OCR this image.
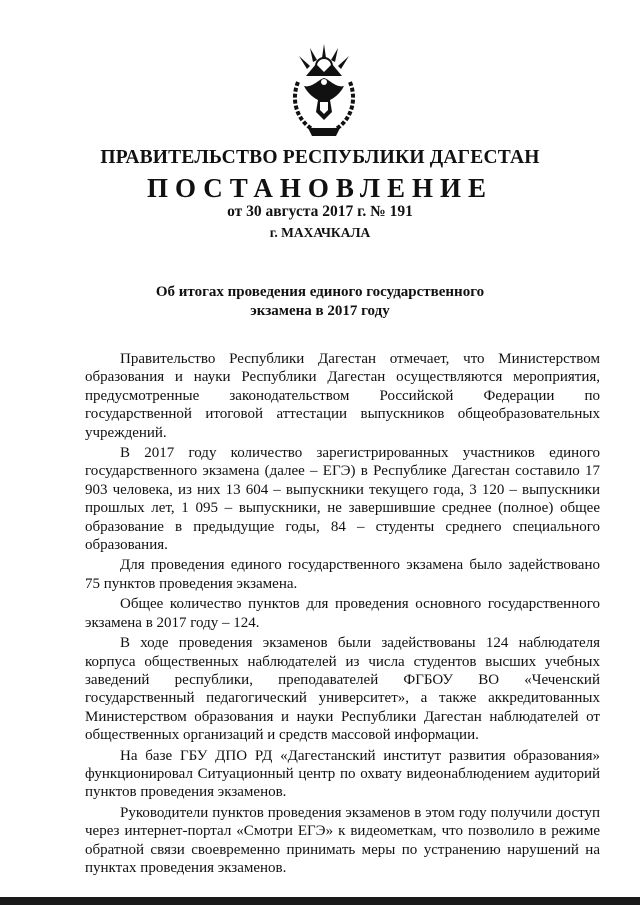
ПРАВИТЕЛЬСТВО РЕСПУБЛИКИ ДАГЕСТАН
ПОСТАНОВЛЕНИЕ
от 30 августа 2017 г. № 191
г. МАХАЧКАЛА
Об итогах проведения единого государственного
экзамена в 2017 году

Правительство Республики Дагестан отмечает, что Министерством образования и науки Республики Дагестан осуществляются мероприятия, предусмотренные законодательством Российской Федерации по государственной итоговой аттестации выпускников общеобразовательных учреждений.

В 2017 году количество зарегистрированных участников единого государственного экзамена (далее – ЕГЭ) в Республике Дагестан составило 17 903 человека, из них 13 604 – выпускники текущего года, 3 120 – выпускники прошлых лет, 1 095 – выпускники, не завершившие среднее (полное) общее образование в предыдущие годы, 84 – студенты среднего специального образования.

Для проведения единого государственного экзамена было задействовано 75 пунктов проведения экзамена.

Общее количество пунктов для проведения основного государственного экзамена в 2017 году – 124.

В ходе проведения экзаменов были задействованы 124 наблюдателя корпуса общественных наблюдателей из числа студентов высших учебных заведений республики, преподавателей ФГБОУ ВО «Чеченский государственный педагогический университет», а также аккредитованных Министерством образования и науки Республики Дагестан наблюдателей от общественных организаций и средств массовой информации.

На базе ГБУ ДПО РД «Дагестанский институт развития образования» функционировал Ситуационный центр по охвату видеонаблюдением аудиторий пунктов проведения экзаменов.

Руководители пунктов проведения экзаменов в этом году получили доступ через интернет-портал «Смотри ЕГЭ» к видеометкам, что позволило в режиме обратной связи своевременно принимать меры по устранению нарушений на пунктах проведения экзаменов.
